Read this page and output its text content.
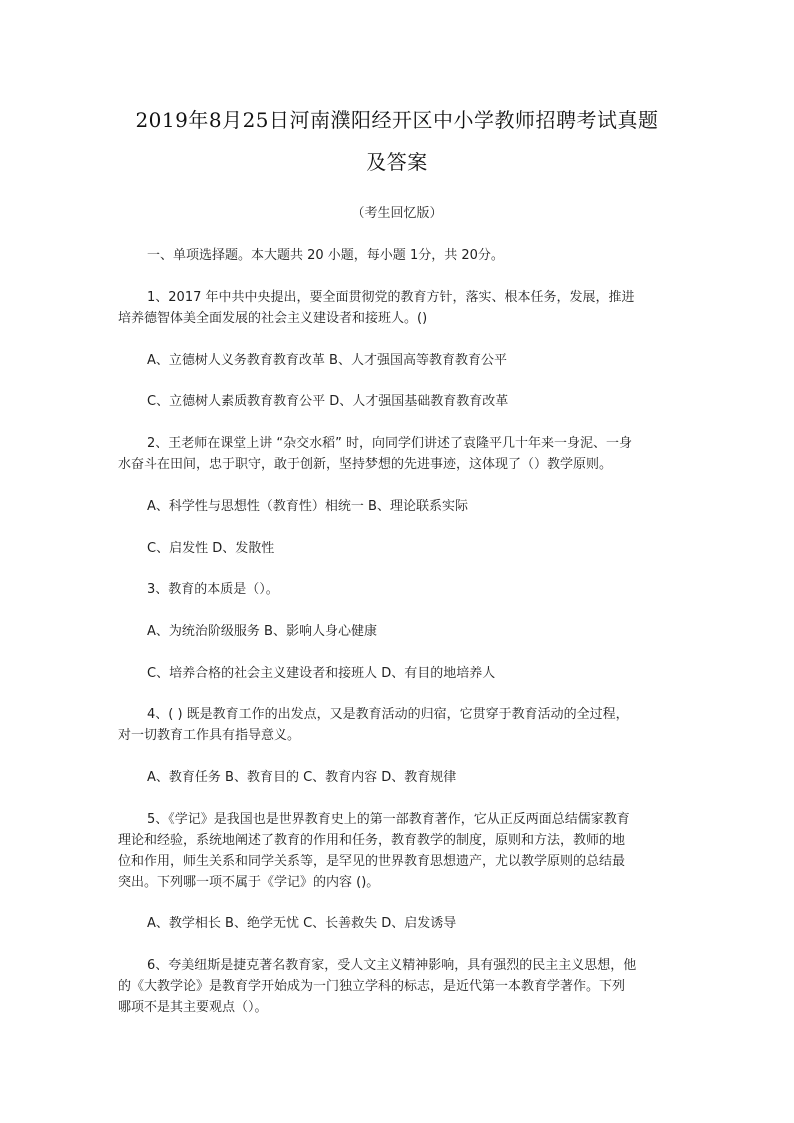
2019年8月25日河南濮阳经开区中小学教师招聘考试真题
及答案
（考生回忆版）
一、单项选择题。本大题共 20 小题，每小题 1分，共 20分。
1、2017 年中共中央提出，要全面贯彻党的教育方针，落实、根本任务，发展，推进
培养德智体美全面发展的社会主义建设者和接班人。()
A、立德树人义务教育教育改革 B、人才强国高等教育教育公平
C、立德树人素质教育教育公平 D、人才强国基础教育教育改革
2、王老师在课堂上讲 “杂交水稻” 时，向同学们讲述了袁隆平几十年来一身泥、一身
水奋斗在田间，忠于职守，敢于创新，坚持梦想的先进事迹，这体现了（）教学原则。
A、科学性与思想性（教育性）相统一 B、理论联系实际
C、启发性 D、发散性
3、教育的本质是（）。
A、为统治阶级服务 B、影响人身心健康
C、培养合格的社会主义建设者和接班人 D、有目的地培养人
4、( ) 既是教育工作的出发点，又是教育活动的归宿，它贯穿于教育活动的全过程，
对一切教育工作具有指导意义。
A、教育任务 B、教育目的 C、教育内容 D、教育规律
5、《学记》是我国也是世界教育史上的第一部教育著作，它从正反两面总结儒家教育
理论和经验，系统地阐述了教育的作用和任务，教育教学的制度，原则和方法，教师的地
位和作用，师生关系和同学关系等，是罕见的世界教育思想遗产，尤以教学原则的总结最
突出。下列哪一项不属于《学记》的内容 ()。
A、教学相长 B、绝学无忧 C、长善救失 D、启发诱导
6、夸美纽斯是捷克著名教育家，受人文主义精神影响，具有强烈的民主主义思想，他
的《大教学论》是教育学开始成为一门独立学科的标志，是近代第一本教育学著作。下列
哪项不是其主要观点（）。
